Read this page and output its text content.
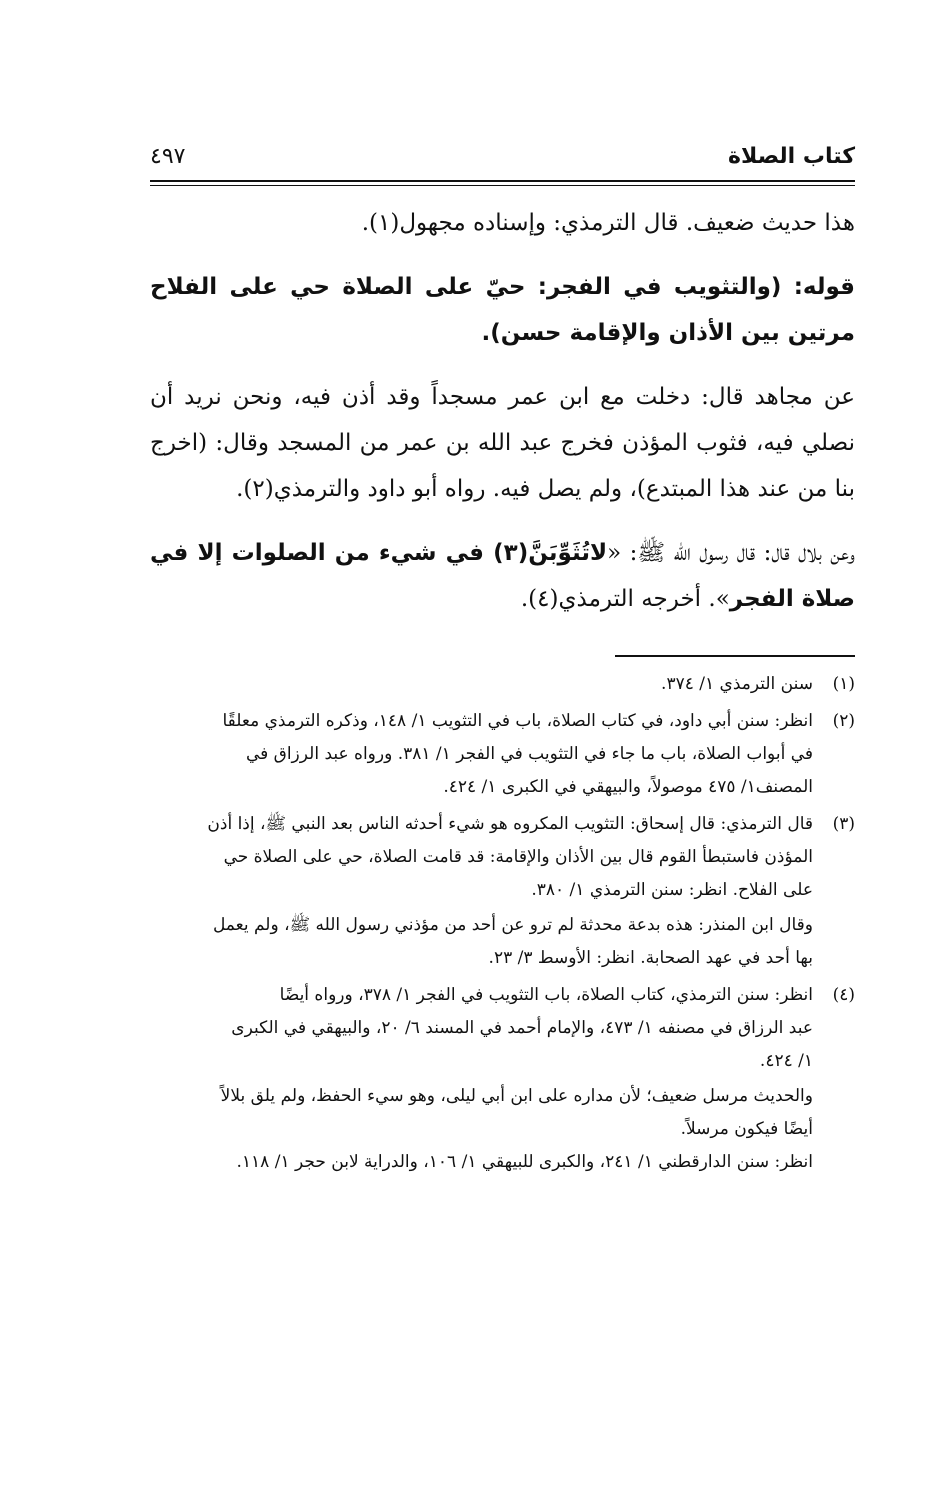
كتاب الصلاة
٤٩٧

هذا حديث ضعيف. قال الترمذي: وإسناده مجهول(١).

قوله: (والتثويب في الفجر: حيّ على الصلاة حي على الفلاح مرتين بين الأذان والإقامة حسن).

عن مجاهد قال: دخلت مع ابن عمر مسجداً وقد أذن فيه، ونحن نريد أن نصلي فيه، فثوب المؤذن فخرج عبد الله بن عمر من المسجد وقال: (اخرج بنا من عند هذا المبتدع)، ولم يصل فيه. رواه أبو داود والترمذي(٢).

وعن بلال قال: قال رسول الله ﷺ: «لاتُثَوِّبَنَّ(٣) في شيء من الصلوات إلا في صلاة الفجر». أخرجه الترمذي(٤).

(١)
سنن الترمذي ١/ ٣٧٤.
(٢)
انظر: سنن أبي داود، في كتاب الصلاة، باب في التثويب ١/ ١٤٨، وذكره الترمذي معلقًا
في أبواب الصلاة، باب ما جاء في التثويب في الفجر ١/ ٣٨١. ورواه عبد الرزاق في
المصنف١/ ٤٧٥ موصولاً، والبيهقي في الكبرى ١/ ٤٢٤.
(٣)
قال الترمذي: قال إسحاق: التثويب المكروه هو شيء أحدثه الناس بعد النبي ﷺ، إذا أذن
المؤذن فاستبطأ القوم قال بين الأذان والإقامة: قد قامت الصلاة، حي على الصلاة حي
على الفلاح. انظر: سنن الترمذي ١/ ٣٨٠.
وقال ابن المنذر: هذه بدعة محدثة لم ترو عن أحد من مؤذني رسول الله ﷺ، ولم يعمل
بها أحد في عهد الصحابة. انظر: الأوسط ٣/ ٢٣.
(٤)
انظر: سنن الترمذي، كتاب الصلاة، باب التثويب في الفجر ١/ ٣٧٨، ورواه أيضًا
عبد الرزاق في مصنفه ١/ ٤٧٣، والإمام أحمد في المسند ٦/ ٢٠، والبيهقي في الكبرى
١/ ٤٢٤.
والحديث مرسل ضعيف؛ لأن مداره على ابن أبي ليلى، وهو سيء الحفظ، ولم يلق بلالاً
أيضًا فيكون مرسلاً.
انظر: سنن الدارقطني ١/ ٢٤١، والكبرى للبيهقي ١/ ١٠٦، والدراية لابن حجر ١/ ١١٨.
